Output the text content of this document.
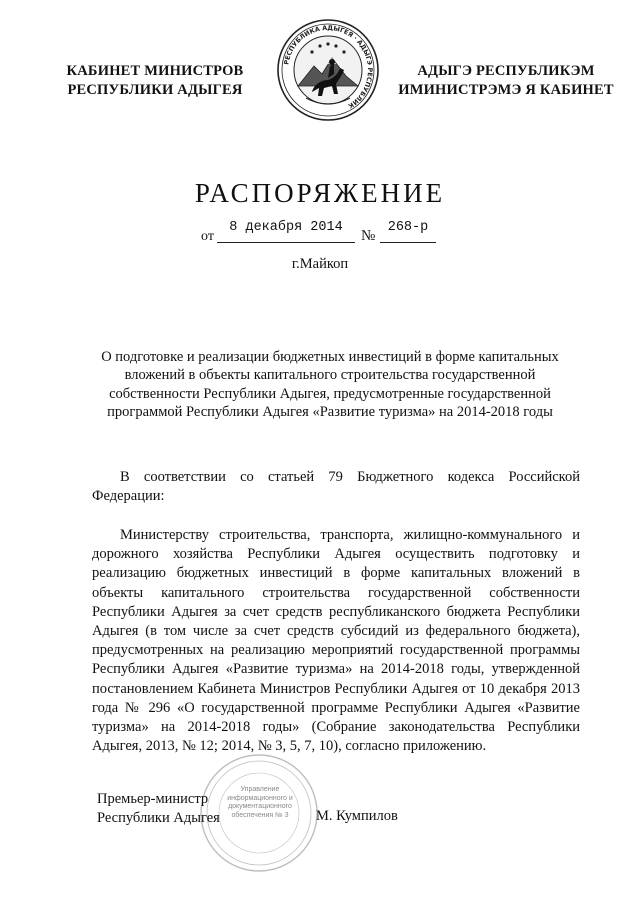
КАБИНЕТ МИНИСТРОВ
РЕСПУБЛИКИ АДЫГЕЯ
РЕСПУБЛИКА АДЫГЕЯ · АДЫГЭ РЕСПУБЛИК
АДЫГЭ РЕСПУБЛИКЭМ
ИМИНИСТРЭМЭ Я КАБИНЕТ
РАСПОРЯЖЕНИЕ
от
8 декабря 2014
№
268-р
г.Майкоп
О подготовке и реализации бюджетных инвестиций в форме капитальных вложений в объекты капитального строительства государственной собственности Республики Адыгея, предусмотренные государственной программой Республики Адыгея «Развитие туризма» на 2014-2018 годы

В соответствии со статьей 79 Бюджетного кодекса Российской Федерации:

Министерству строительства, транспорта, жилищно-коммунального и дорожного хозяйства Республики Адыгея осуществить подготовку и реализацию бюджетных инвестиций в форме капитальных вложений в объекты капитального строительства государственной собственности Республики Адыгея за счет средств республиканского бюджета Республики Адыгея (в том числе за счет средств субсидий из федерального бюджета), предусмотренных на реализацию мероприятий государственной программы Республики Адыгея «Развитие туризма» на 2014-2018 годы, утвержденной постановлением Кабинета Министров Республики Адыгея от 10 декабря 2013 года № 296 «О государственной программе Республики Адыгея «Развитие туризма» на 2014-2018 годы» (Собрание законодательства Республики Адыгея, 2013, № 12; 2014, № 3, 5, 7, 10), согласно приложению.

Управление информационного и документационного обеспечения № 3
Премьер-министр
Республики Адыгея	М. Кумпилов
